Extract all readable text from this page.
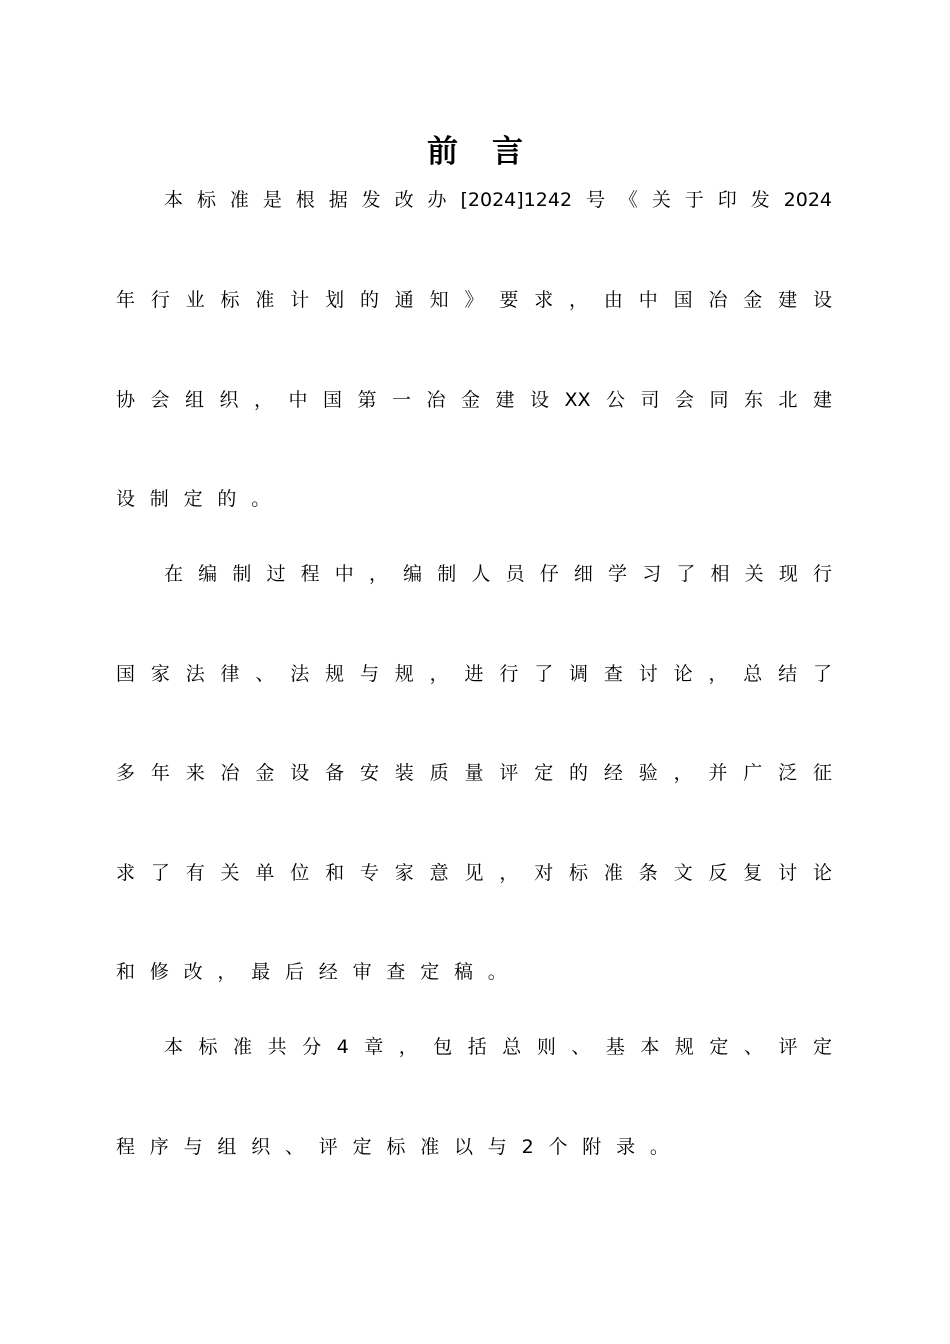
前言

本标准是根据发改办[2024]1242号《关于印发2024

年行业标准计划的通知》要求，由中国冶金建设

协会组织，中国第一冶金建设XX公司会同东北建

设制定的。

在编制过程中，编制人员仔细学习了相关现行

国家法律、法规与规，进行了调查讨论，总结了

多年来冶金设备安装质量评定的经验，并广泛征

求了有关单位和专家意见，对标准条文反复讨论

和修改，最后经审查定稿。

本标准共分4章，包括总则、基本规定、评定

程序与组织、评定标准以与2个附录。
